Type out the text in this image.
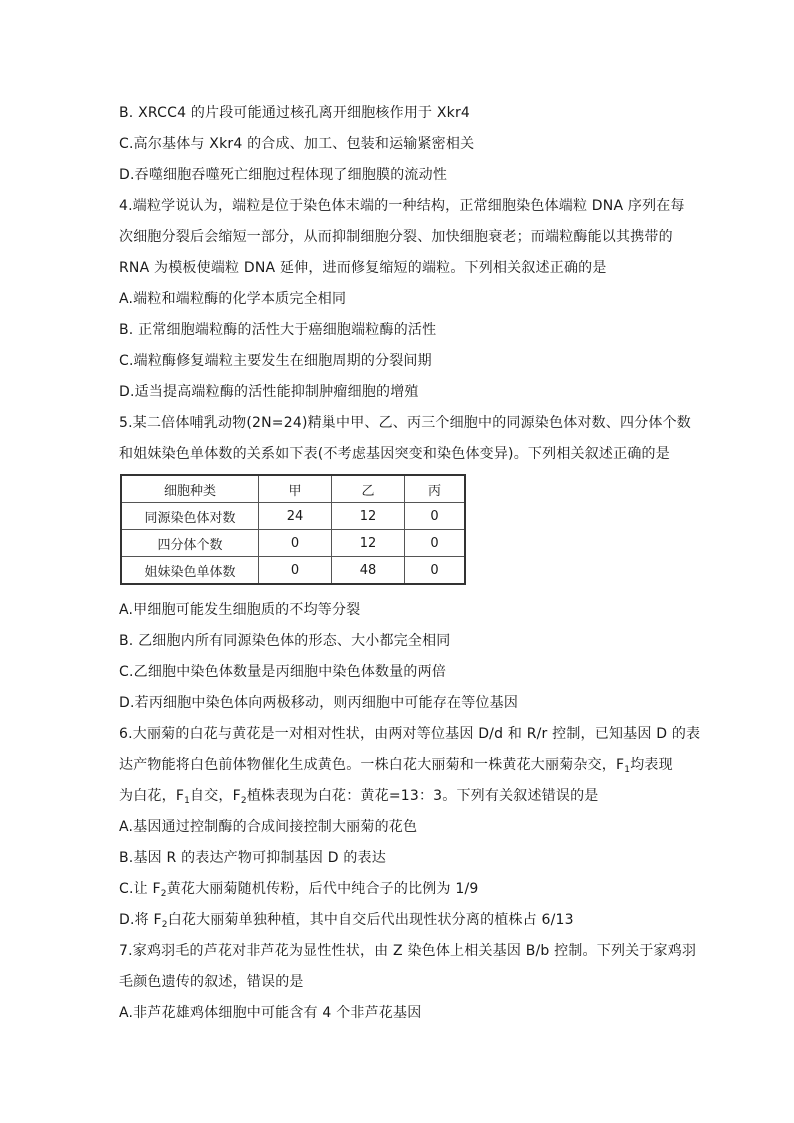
B. XRCC4 的片段可能通过核孔离开细胞核作用于 Xkr4
C.高尔基体与 Xkr4 的合成、加工、包装和运输紧密相关
D.吞噬细胞吞噬死亡细胞过程体现了细胞膜的流动性
4.端粒学说认为，端粒是位于染色体末端的一种结构，正常细胞染色体端粒 DNA 序列在每
次细胞分裂后会缩短一部分，从而抑制细胞分裂、加快细胞衰老；而端粒酶能以其携带的
RNA 为模板使端粒 DNA 延伸，进而修复缩短的端粒。下列相关叙述正确的是
A.端粒和端粒酶的化学本质完全相同
B. 正常细胞端粒酶的活性大于癌细胞端粒酶的活性
C.端粒酶修复端粒主要发生在细胞周期的分裂间期
D.适当提高端粒酶的活性能抑制肿瘤细胞的增殖
5.某二倍体哺乳动物(2N=24)精巢中甲、乙、丙三个细胞中的同源染色体对数、四分体个数
和姐妹染色单体数的关系如下表(不考虑基因突变和染色体变异)。下列相关叙述正确的是
细胞种类	甲	乙	丙
同源染色体对数	24	12	0
四分体个数	0	12	0
姐妹染色单体数	0	48	0
A.甲细胞可能发生细胞质的不均等分裂
B. 乙细胞内所有同源染色体的形态、大小都完全相同
C.乙细胞中染色体数量是丙细胞中染色体数量的两倍
D.若丙细胞中染色体向两极移动，则丙细胞中可能存在等位基因
6.大丽菊的白花与黄花是一对相对性状，由两对等位基因 D/d 和 R/r 控制，已知基因 D 的表
达产物能将白色前体物催化生成黄色。一株白花大丽菊和一株黄花大丽菊杂交，$F_1$均表现
为白花，$F_1$自交，$F_2$植株表现为白花：黄花=13：3。下列有关叙述错误的是
A.基因通过控制酶的合成间接控制大丽菊的花色
B.基因 R 的表达产物可抑制基因 D 的表达
C.让 $F_2$黄花大丽菊随机传粉，后代中纯合子的比例为 1/9
D.将 $F_2$白花大丽菊单独种植，其中自交后代出现性状分离的植株占 6/13
7.家鸡羽毛的芦花对非芦花为显性性状，由 Z 染色体上相关基因 B/b 控制。下列关于家鸡羽
毛颜色遗传的叙述，错误的是
A.非芦花雄鸡体细胞中可能含有 4 个非芦花基因
